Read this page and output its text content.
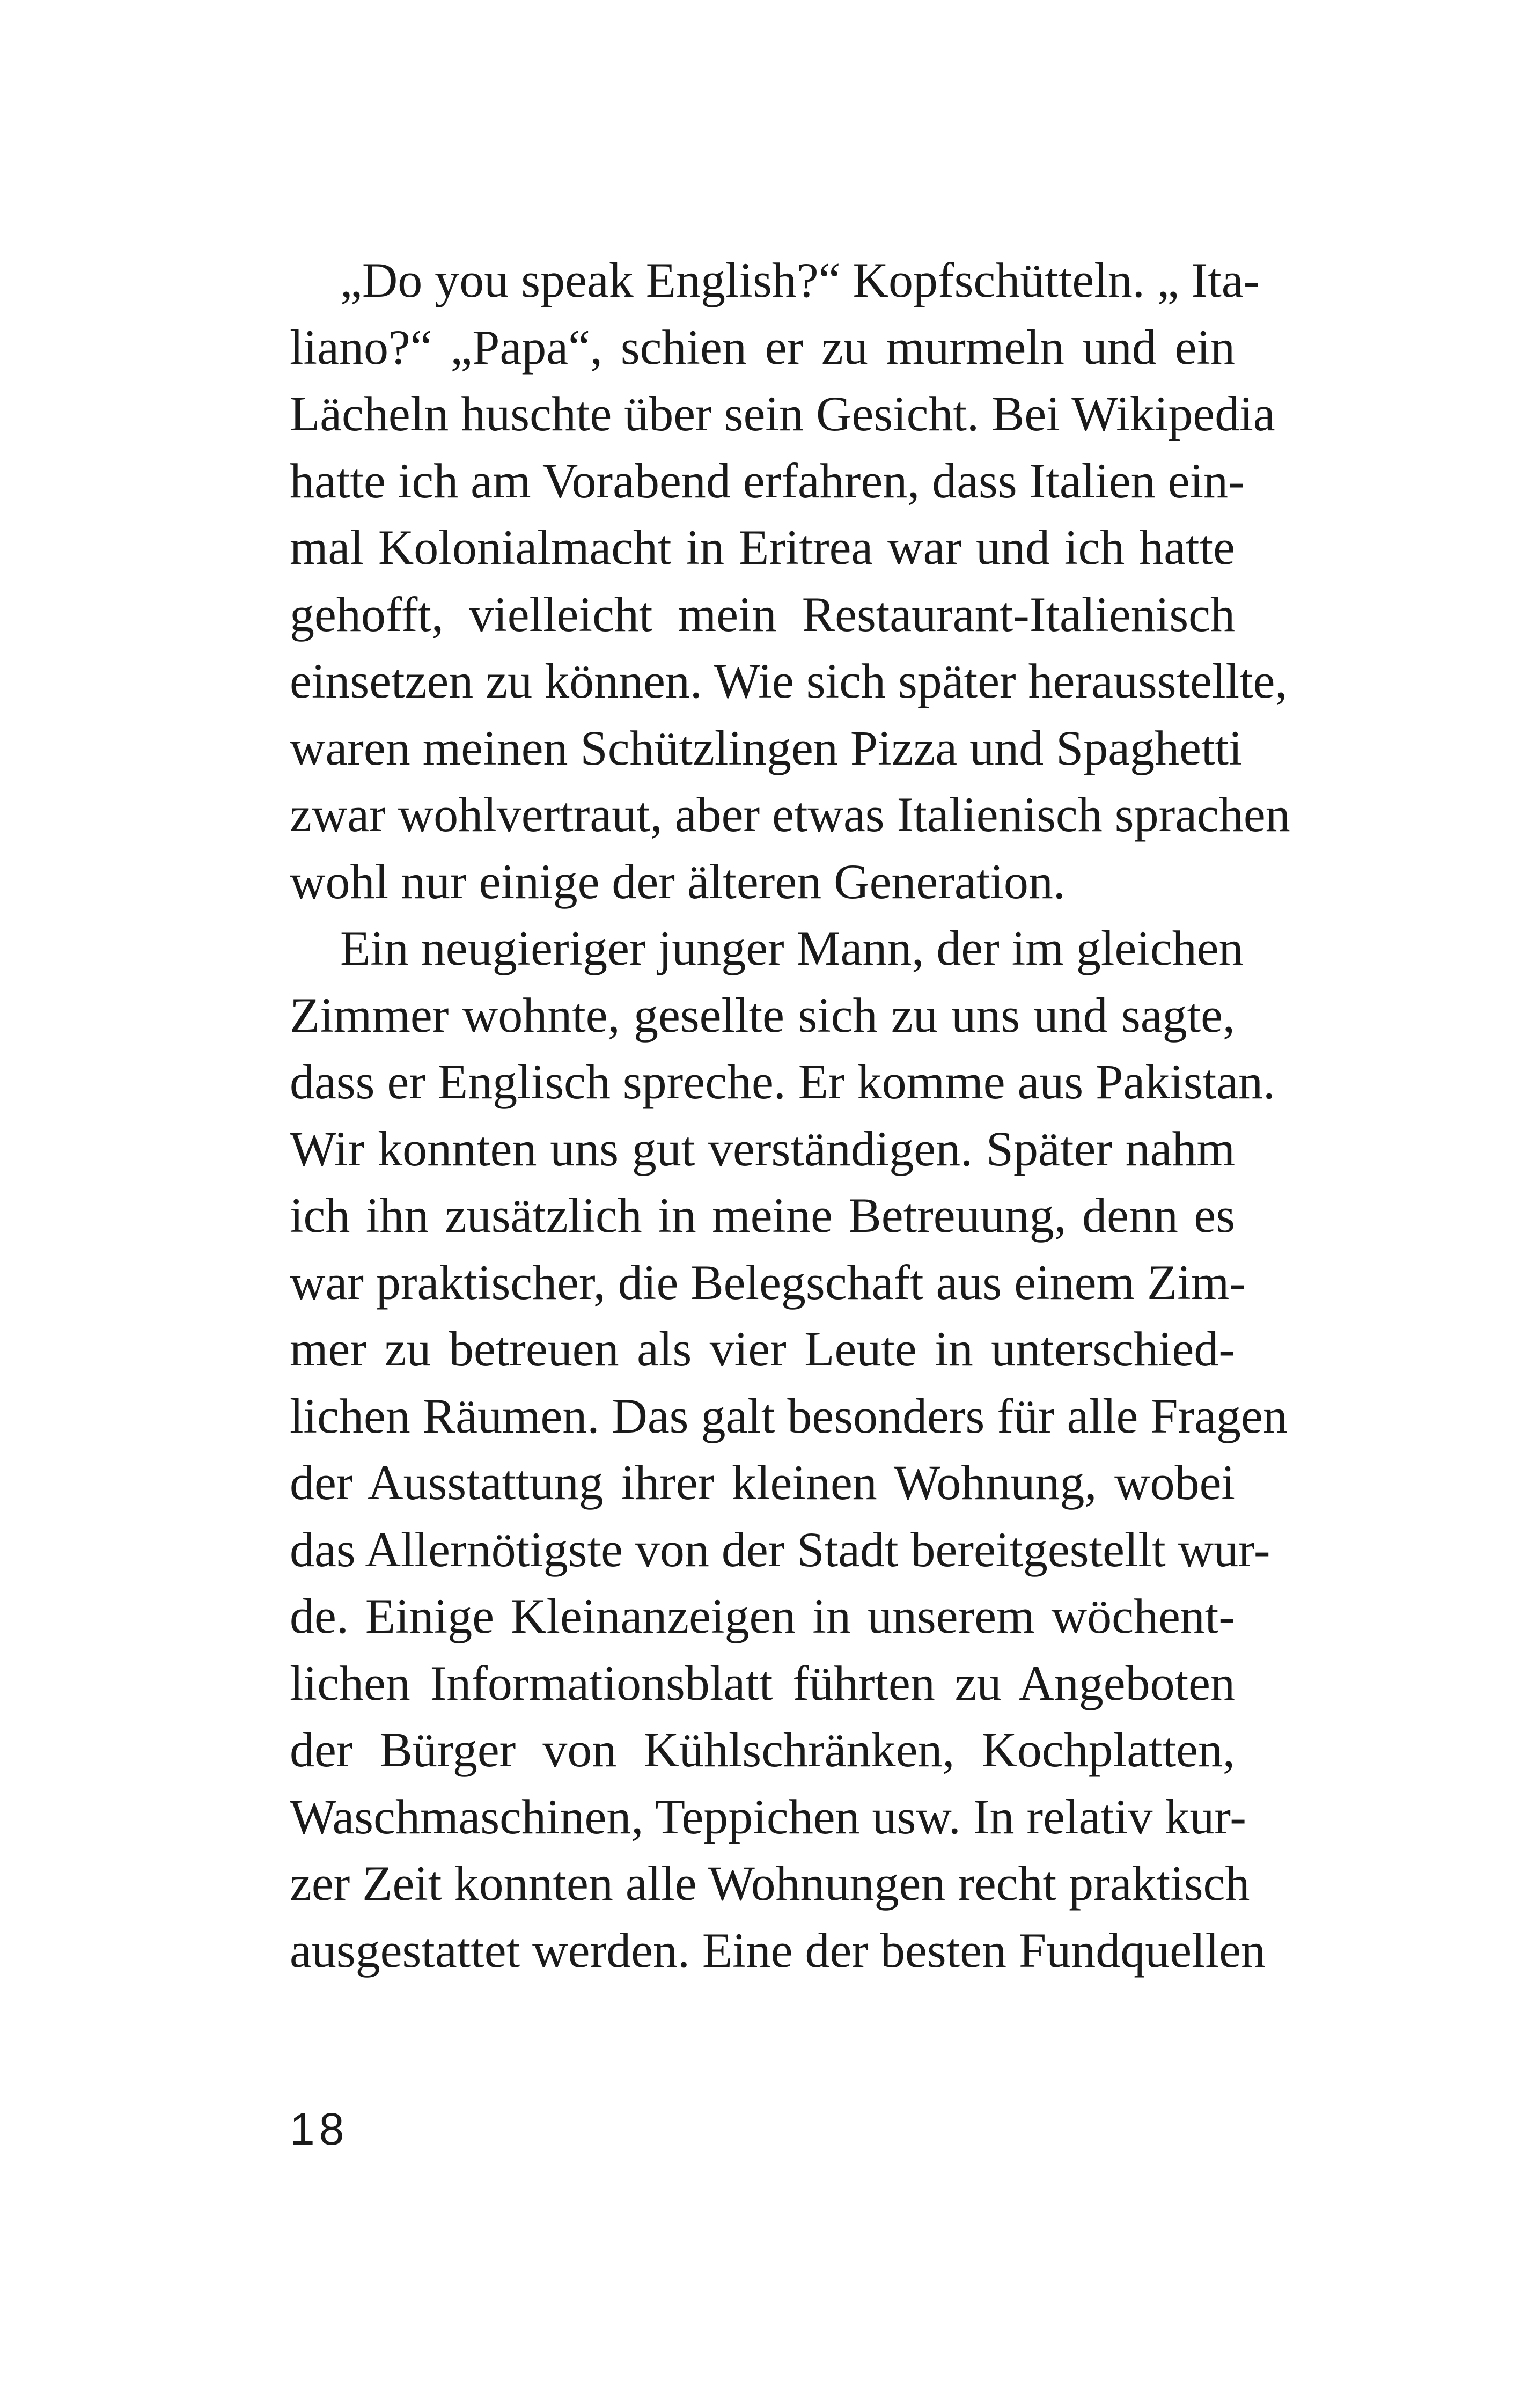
„Do you speak English?“ Kopfschütteln. „ Ita-
liano?“ „Papa“, schien er zu murmeln und ein
Lächeln huschte über sein Gesicht. Bei Wikipedia
hatte ich am Vorabend erfahren, dass Italien ein-
mal Kolonialmacht in Eritrea war und ich hatte
gehofft, vielleicht mein Restaurant-Italienisch
einsetzen zu können. Wie sich später herausstellte,
waren meinen Schützlingen Pizza und Spaghetti
zwar wohlvertraut, aber etwas Italienisch sprachen
wohl nur einige der älteren Generation.
Ein neugieriger junger Mann, der im gleichen
Zimmer wohnte, gesellte sich zu uns und sagte,
dass er Englisch spreche. Er komme aus Pakistan.
Wir konnten uns gut verständigen. Später nahm
ich ihn zusätzlich in meine Betreuung, denn es
war praktischer, die Belegschaft aus einem Zim-
mer zu betreuen als vier Leute in unterschied-
lichen Räumen. Das galt besonders für alle Fragen
der Ausstattung ihrer kleinen Wohnung, wobei
das Allernötigste von der Stadt bereitgestellt wur-
de. Einige Kleinanzeigen in unserem wöchent-
lichen Informationsblatt führten zu Angeboten
der Bürger von Kühlschränken, Kochplatten,
Waschmaschinen, Teppichen usw. In relativ kur-
zer Zeit konnten alle Wohnungen recht praktisch
ausgestattet werden. Eine der besten Fundquellen
18
